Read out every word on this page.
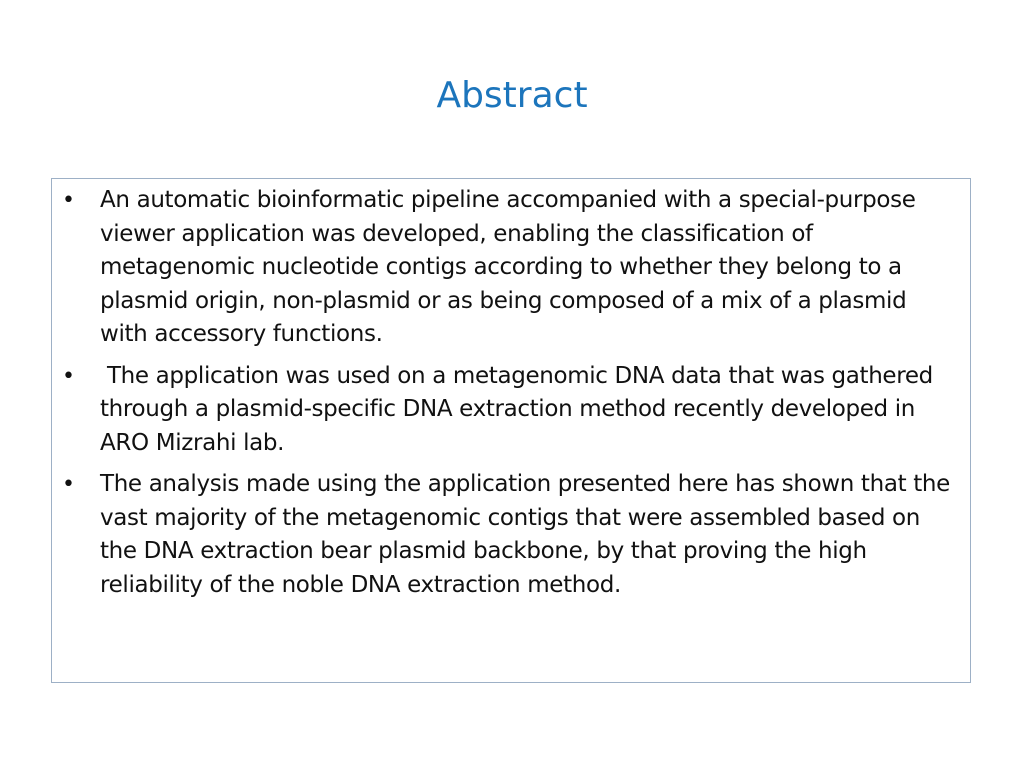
Abstract
• An automatic bioinformatic pipeline accompanied with a special-purpose viewer application was developed, enabling the classification of metagenomic nucleotide contigs according to whether they belong to a plasmid origin, non-plasmid or as being composed of a mix of a plasmid with accessory functions.
• The application was used on a metagenomic DNA data that was gathered through a plasmid-specific DNA extraction method recently developed in ARO Mizrahi lab.
• The analysis made using the application presented here has shown that the vast majority of the metagenomic contigs that were assembled based on the DNA extraction bear plasmid backbone, by that proving the high reliability of the noble DNA extraction method.
